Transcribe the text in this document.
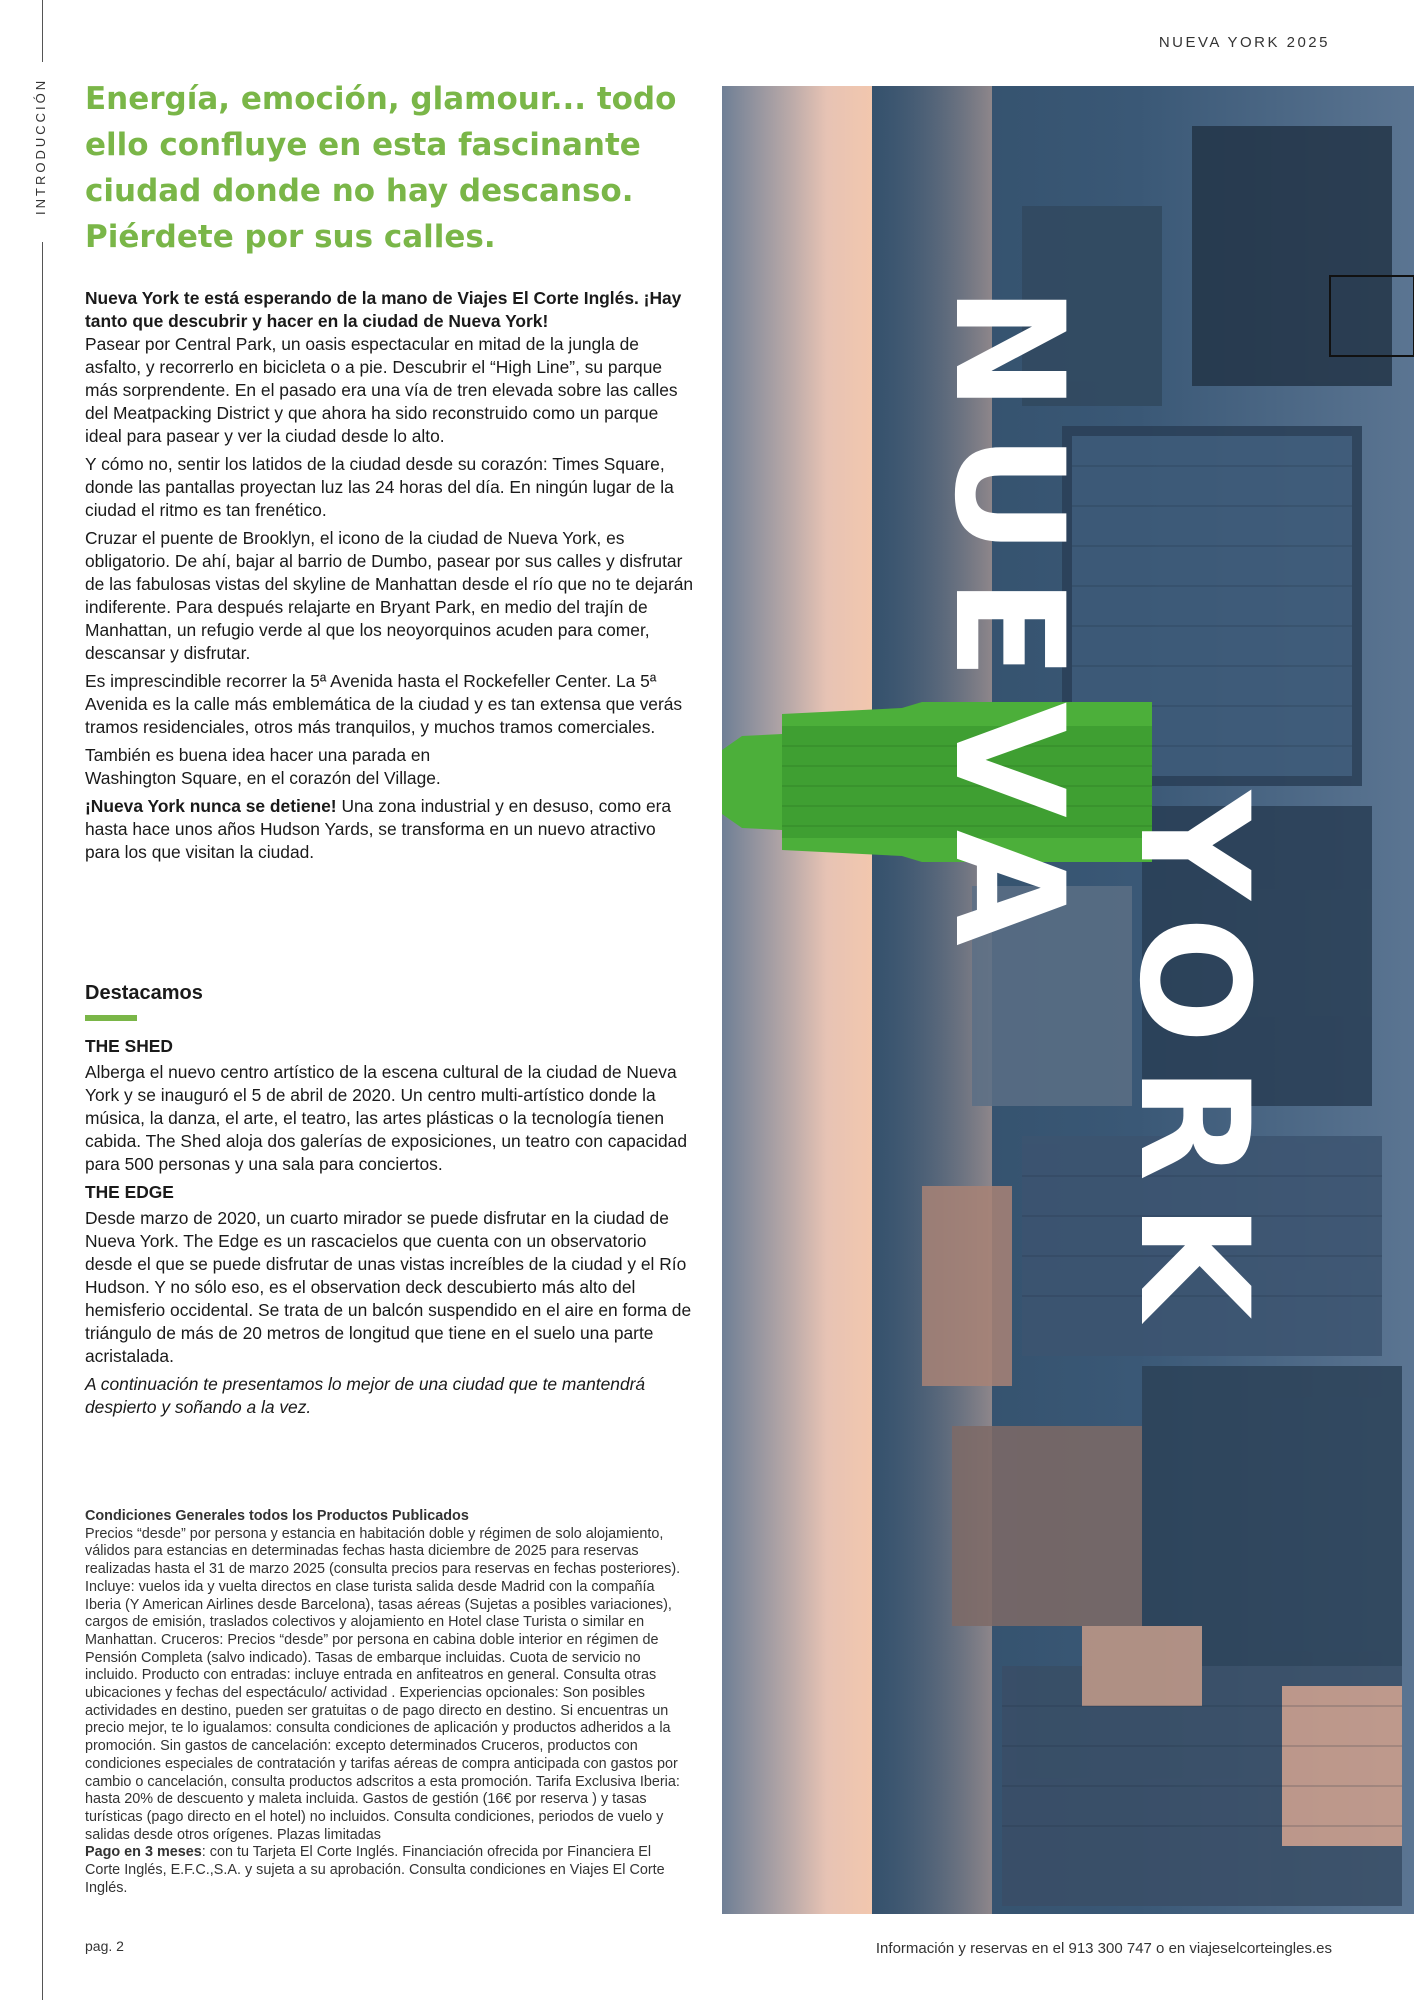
INTRODUCCIÓN
NUEVA YORK 2025
Energía, emoción, glamour... todo ello confluye en esta fascinante ciudad donde no hay descanso. Piérdete por sus calles.

Nueva York te está esperando de la mano de Viajes El Corte Inglés. ¡Hay tanto que descubrir y hacer en la ciudad de Nueva York!

Pasear por Central Park, un oasis espectacular en mitad de la jungla de asfalto, y recorrerlo en bicicleta o a pie. Descubrir el “High Line”, su parque más sorprendente. En el pasado era una vía de tren elevada sobre las calles del Meatpacking District y que ahora ha sido reconstruido como un parque ideal para pasear y ver la ciudad desde lo alto.

Y cómo no, sentir los latidos de la ciudad desde su corazón: Times Square, donde las pantallas proyectan luz las 24 horas del día. En ningún lugar de la ciudad el ritmo es tan frenético.

Cruzar el puente de Brooklyn, el icono de la ciudad de Nueva York, es obligatorio. De ahí, bajar al barrio de Dumbo, pasear por sus calles y disfrutar de las fabulosas vistas del skyline de Manhattan desde el río que no te dejarán indiferente. Para después relajarte en Bryant Park, en medio del trajín de Manhattan, un refugio verde al que los neoyorquinos acuden para comer, descansar y disfrutar.

Es imprescindible recorrer la 5ª Avenida hasta el Rockefeller Center. La 5ª Avenida es la calle más emblemática de la ciudad y es tan extensa que verás tramos residenciales, otros más tranquilos, y muchos tramos comerciales.

También es buena idea hacer una parada en Washington Square, en el corazón del Village.

¡Nueva York nunca se detiene! Una zona industrial y en desuso, como era hasta hace unos años Hudson Yards, se transforma en un nuevo atractivo para los que visitan la ciudad.

Destacamos
THE SHED

Alberga el nuevo centro artístico de la escena cultural de la ciudad de Nueva York y se inauguró el 5 de abril de 2020. Un centro multi-artístico donde la música, la danza, el arte, el teatro, las artes plásticas o la tecnología tienen cabida. The Shed aloja dos galerías de exposiciones, un teatro con capacidad para 500 personas y una sala para conciertos.

THE EDGE

Desde marzo de 2020, un cuarto mirador se puede disfrutar en la ciudad de Nueva York. The Edge es un rascacielos que cuenta con un observatorio desde el que se puede disfrutar de unas vistas increíbles de la ciudad y el Río Hudson. Y no sólo eso, es el observation deck descubierto más alto del hemisferio occidental. Se trata de un balcón suspendido en el aire en forma de triángulo de más de 20 metros de longitud que tiene en el suelo una parte acristalada.

A continuación te presentamos lo mejor de una ciudad que te mantendrá despierto y soñando a la vez.

Condiciones Generales todos los Productos Publicados
Precios “desde” por persona y estancia en habitación doble y régimen de solo alojamiento, válidos para estancias en determinadas fechas hasta diciembre de 2025 para reservas realizadas hasta el 31 de marzo 2025 (consulta precios para reservas en fechas posteriores). Incluye: vuelos ida y vuelta directos en clase turista salida desde Madrid con la compañía Iberia (Y American Airlines desde Barcelona), tasas aéreas (Sujetas a posibles variaciones), cargos de emisión, traslados colectivos y alojamiento en Hotel clase Turista o similar en Manhattan. Cruceros: Precios “desde” por persona en cabina doble interior en régimen de Pensión Completa (salvo indicado). Tasas de embarque incluidas. Cuota de servicio no incluido. Producto con entradas: incluye entrada en anfiteatros en general. Consulta otras ubicaciones y fechas del espectáculo/ actividad . Experiencias opcionales: Son posibles actividades en destino, pueden ser gratuitas o de pago directo en destino. Si encuentras un precio mejor, te lo igualamos: consulta condiciones de aplicación y productos adheridos a la promoción. Sin gastos de cancelación: excepto determinados Cruceros, productos con condiciones especiales de contratación y tarifas aéreas de compra anticipada con gastos por cambio o cancelación, consulta productos adscritos a esta promoción. Tarifa Exclusiva Iberia: hasta 20% de descuento y maleta incluida. Gastos de gestión (16€ por reserva ) y tasas turísticas (pago directo en el hotel) no incluidos. Consulta condiciones, periodos de vuelo y salidas desde otros orígenes. Plazas limitadas
Pago en 3 meses: con tu Tarjeta El Corte Inglés. Financiación ofrecida por Financiera El Corte Inglés, E.F.C.,S.A. y sujeta a su aprobación. Consulta condiciones en Viajes El Corte Inglés.
pag. 2	Información y reservas en el 913 300 747 o en viajeselcorteingles.es
NUEVA
YORK
